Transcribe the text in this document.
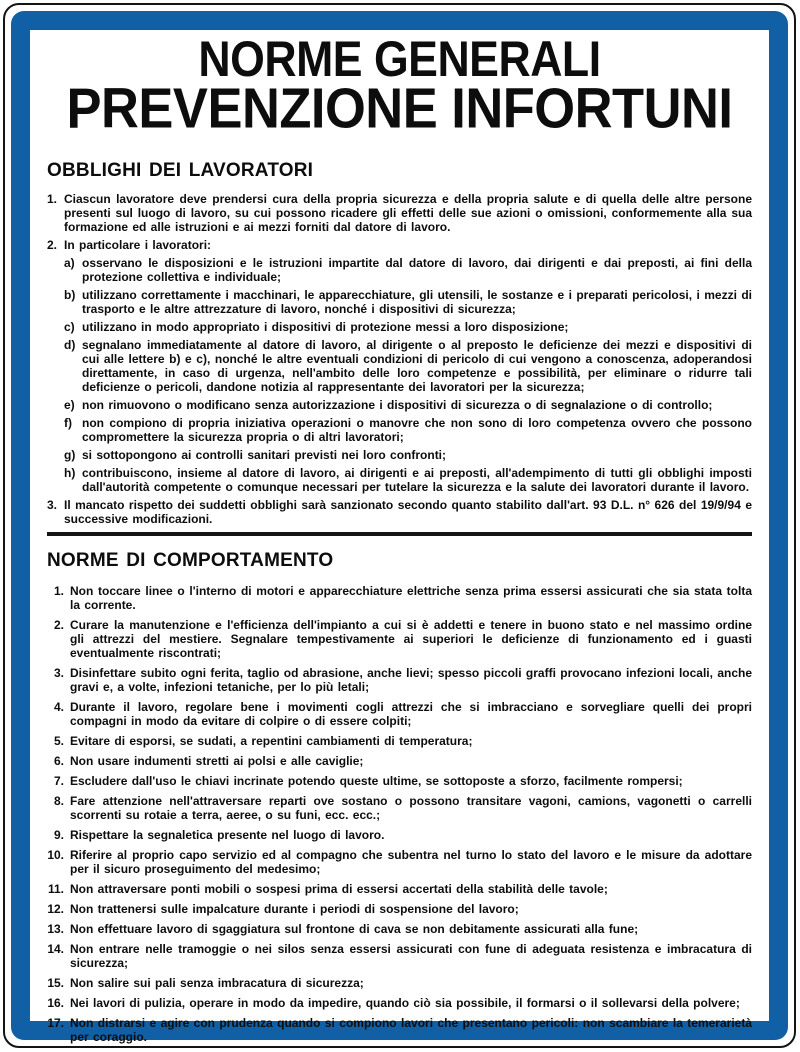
NORME GENERALI
PREVENZIONE INFORTUNI
OBBLIGHI DEI LAVORATORI
1. Ciascun lavoratore deve prendersi cura della propria sicurezza e della propria salute e di quella delle altre persone presenti sul luogo di lavoro, su cui possono ricadere gli effetti delle sue azioni o omissioni, conformemente alla sua formazione ed alle istruzioni e ai mezzi forniti dal datore di lavoro.
2. In particolare i lavoratori:
a) osservano le disposizioni e le istruzioni impartite dal datore di lavoro, dai dirigenti e dai preposti, ai fini della protezione collettiva e individuale;
b) utilizzano correttamente i macchinari, le apparecchiature, gli utensili, le sostanze e i preparati pericolosi, i mezzi di trasporto e le altre attrezzature di lavoro, nonché i dispositivi di sicurezza;
c) utilizzano in modo appropriato i dispositivi di protezione messi a loro disposizione;
d) segnalano immediatamente al datore di lavoro, al dirigente o al preposto le deficienze dei mezzi e dispositivi di cui alle lettere b) e c), nonché le altre eventuali condizioni di pericolo di cui vengono a conoscenza, adoperandosi direttamente, in caso di urgenza, nell'ambito delle loro competenze e possibilità, per eliminare o ridurre tali deficienze o pericoli, dandone notizia al rappresentante dei lavoratori per la sicurezza;
e) non rimuovono o modificano senza autorizzazione i dispositivi di sicurezza o di segnalazione o di controllo;
f) non compiono di propria iniziativa operazioni o manovre che non sono di loro competenza ovvero che possono compromettere la sicurezza propria o di altri lavoratori;
g) si sottopongono ai controlli sanitari previsti nei loro confronti;
h) contribuiscono, insieme al datore di lavoro, ai dirigenti e ai preposti, all'adempimento di tutti gli obblighi imposti dall'autorità competente o comunque necessari per tutelare la sicurezza e la salute dei lavoratori durante il lavoro.
3. Il mancato rispetto dei suddetti obblighi sarà sanzionato secondo quanto stabilito dall'art. 93 D.L. n° 626 del 19/9/94 e successive modificazioni.
NORME DI COMPORTAMENTO
1. Non toccare linee o l'interno di motori e apparecchiature elettriche senza prima essersi assicurati che sia stata tolta la corrente.
2. Curare la manutenzione e l'efficienza dell'impianto a cui si è addetti e tenere in buono stato e nel massimo ordine gli attrezzi del mestiere. Segnalare tempestivamente ai superiori le deficienze di funzionamento ed i guasti eventualmente riscontrati;
3. Disinfettare subito ogni ferita, taglio od abrasione, anche lievi; spesso piccoli graffi provocano infezioni locali, anche gravi e, a volte, infezioni tetaniche, per lo più letali;
4. Durante il lavoro, regolare bene i movimenti cogli attrezzi che si imbracciano e sorvegliare quelli dei propri compagni in modo da evitare di colpire o di essere colpiti;
5. Evitare di esporsi, se sudati, a repentini cambiamenti di temperatura;
6. Non usare indumenti stretti ai polsi e alle caviglie;
7. Escludere dall'uso le chiavi incrinate potendo queste ultime, se sottoposte a sforzo, facilmente rompersi;
8. Fare attenzione nell'attraversare reparti ove sostano o possono transitare vagoni, camions, vagonetti o carrelli scorrenti su rotaie a terra, aeree, o su funi, ecc. ecc.;
9. Rispettare la segnaletica presente nel luogo di lavoro.
10. Riferire al proprio capo servizio ed al compagno che subentra nel turno lo stato del lavoro e le misure da adottare per il sicuro proseguimento del medesimo;
11. Non attraversare ponti mobili o sospesi prima di essersi accertati della stabilità delle tavole;
12. Non trattenersi sulle impalcature durante i periodi di sospensione del lavoro;
13. Non effettuare lavoro di sgaggiatura sul frontone di cava se non debitamente assicurati alla fune;
14. Non entrare nelle tramoggie o nei silos senza essersi assicurati con fune di adeguata resistenza e imbracatura di sicurezza;
15. Non salire sui pali senza imbracatura di sicurezza;
16. Nei lavori di pulizia, operare in modo da impedire, quando ciò sia possibile, il formarsi o il sollevarsi della polvere;
17. Non distrarsi e agire con prudenza quando si compiono lavori che presentano pericoli: non scambiare la temerarietà per coraggio.
